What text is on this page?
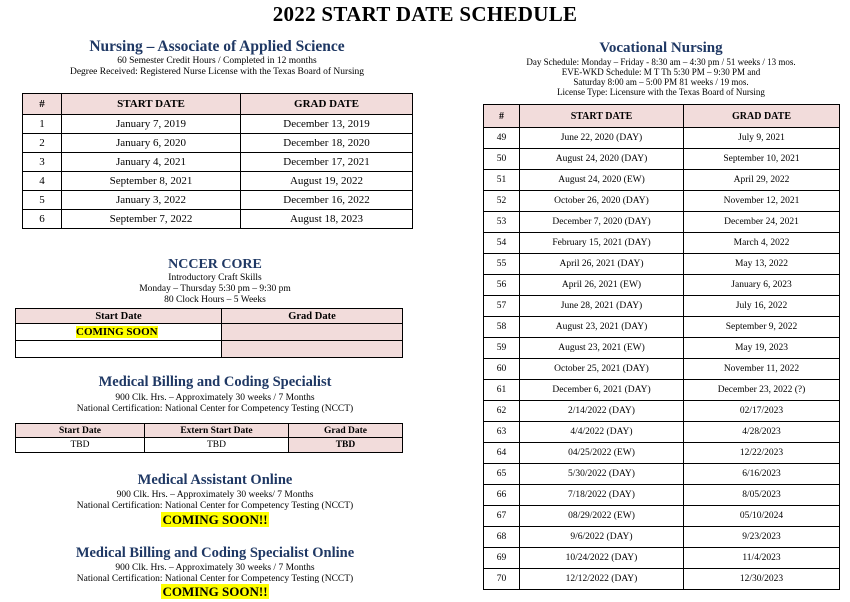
2022 START DATE SCHEDULE
Nursing – Associate of Applied Science
60 Semester Credit Hours / Completed in 12 months
Degree Received: Registered Nurse License with the Texas Board of Nursing
#	START DATE	GRAD DATE
1	January 7, 2019	December 13, 2019
2	January 6, 2020	December 18, 2020
3	January 4, 2021	December 17, 2021
4	September 8, 2021	August 19, 2022
5	January 3, 2022	December 16, 2022
6	September 7, 2022	August 18, 2023
NCCER CORE
Introductory Craft Skills
Monday – Thursday 5:30 pm – 9:30 pm
80 Clock Hours – 5 Weeks
Start Date	Grad Date
COMING SOON	

Medical Billing and Coding Specialist
900 Clk. Hrs. – Approximately 30 weeks / 7 Months
National Certification: National Center for Competency Testing (NCCT)
Start Date	Extern Start Date	Grad Date
TBD	TBD	TBD
Medical Assistant Online
900 Clk. Hrs. – Approximately 30 weeks/ 7 Months
National Certification: National Center for Competency Testing (NCCT)
COMING SOON!!
Medical Billing and Coding Specialist Online
900 Clk. Hrs. – Approximately 30 weeks / 7 Months
National Certification: National Center for Competency Testing (NCCT)
COMING SOON!!
Vocational Nursing
Day Schedule: Monday – Friday - 8:30 am – 4:30 pm / 51 weeks / 13 mos.
EVE-WKD Schedule: M T Th 5:30 PM – 9:30 PM and
Saturday 8:00 am – 5:00 PM 81 weeks / 19 mos.
License Type: Licensure with the Texas Board of Nursing
#	START DATE	GRAD DATE
49	June 22, 2020 (DAY)	July 9, 2021
50	August 24, 2020 (DAY)	September 10, 2021
51	August 24, 2020 (EW)	April 29, 2022
52	October 26, 2020 (DAY)	November 12, 2021
53	December 7, 2020 (DAY)	December 24, 2021
54	February 15, 2021 (DAY)	March 4, 2022
55	April 26, 2021 (DAY)	May 13, 2022
56	April 26, 2021 (EW)	January 6, 2023
57	June 28, 2021 (DAY)	July 16, 2022
58	August 23, 2021 (DAY)	September 9, 2022
59	August 23, 2021 (EW)	May 19, 2023
60	October 25, 2021 (DAY)	November 11, 2022
61	December 6, 2021 (DAY)	December 23, 2022 (?)
62	2/14/2022 (DAY)	02/17/2023
63	4/4/2022 (DAY)	4/28/2023
64	04/25/2022 (EW)	12/22/2023
65	5/30/2022 (DAY)	6/16/2023
66	7/18/2022 (DAY)	8/05/2023
67	08/29/2022 (EW)	05/10/2024
68	9/6/2022 (DAY)	9/23/2023
69	10/24/2022 (DAY)	11/4/2023
70	12/12/2022 (DAY)	12/30/2023
